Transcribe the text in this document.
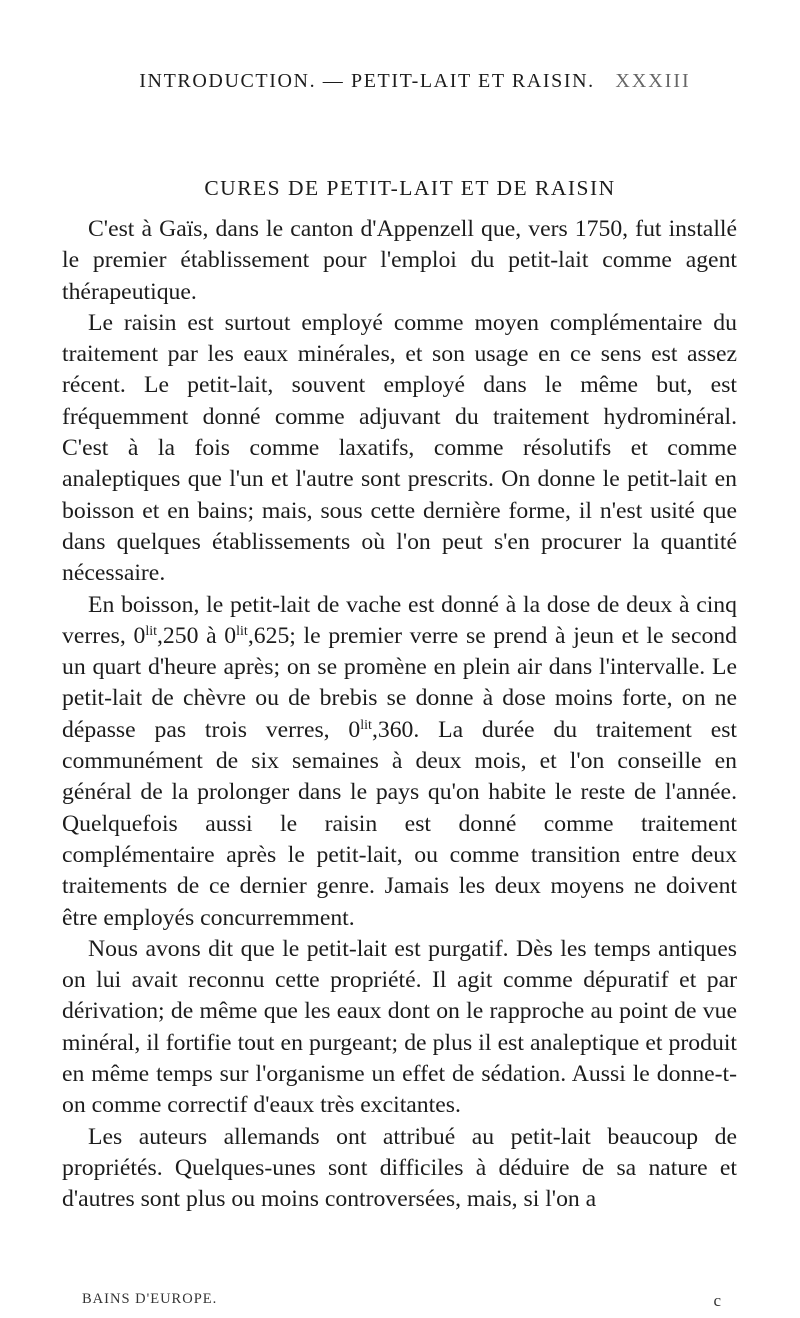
INTRODUCTION. — PETIT-LAIT ET RAISIN. XXXIII
CURES DE PETIT-LAIT ET DE RAISIN

C'est à Gaïs, dans le canton d'Appenzell que, vers 1750, fut installé le premier établissement pour l'emploi du petit-lait comme agent thérapeutique.

Le raisin est surtout employé comme moyen complémentaire du traitement par les eaux minérales, et son usage en ce sens est assez récent. Le petit-lait, souvent employé dans le même but, est fréquemment donné comme adjuvant du traitement hydrominéral. C'est à la fois comme laxatifs, comme résolutifs et comme analeptiques que l'un et l'autre sont prescrits. On donne le petit-lait en boisson et en bains; mais, sous cette dernière forme, il n'est usité que dans quelques établissements où l'on peut s'en procurer la quantité nécessaire.

En boisson, le petit-lait de vache est donné à la dose de deux à cinq verres, $0^{lit},250$ à $0^{lit},625$; le premier verre se prend à jeun et le second un quart d'heure après; on se promène en plein air dans l'intervalle. Le petit-lait de chèvre ou de brebis se donne à dose moins forte, on ne dépasse pas trois verres, $0^{lit},360$. La durée du traitement est communément de six semaines à deux mois, et l'on conseille en général de la prolonger dans le pays qu'on habite le reste de l'année. Quelquefois aussi le raisin est donné comme traitement complémentaire après le petit-lait, ou comme transition entre deux traitements de ce dernier genre. Jamais les deux moyens ne doivent être employés concurremment.

Nous avons dit que le petit-lait est purgatif. Dès les temps antiques on lui avait reconnu cette propriété. Il agit comme dépuratif et par dérivation; de même que les eaux dont on le rapproche au point de vue minéral, il fortifie tout en purgeant; de plus il est analeptique et produit en même temps sur l'organisme un effet de sédation. Aussi le donne-t-on comme correctif d'eaux très excitantes.

Les auteurs allemands ont attribué au petit-lait beaucoup de propriétés. Quelques-unes sont difficiles à déduire de sa nature et d'autres sont plus ou moins controversées, mais, si l'on a

BAINS D'EUROPE.	c
